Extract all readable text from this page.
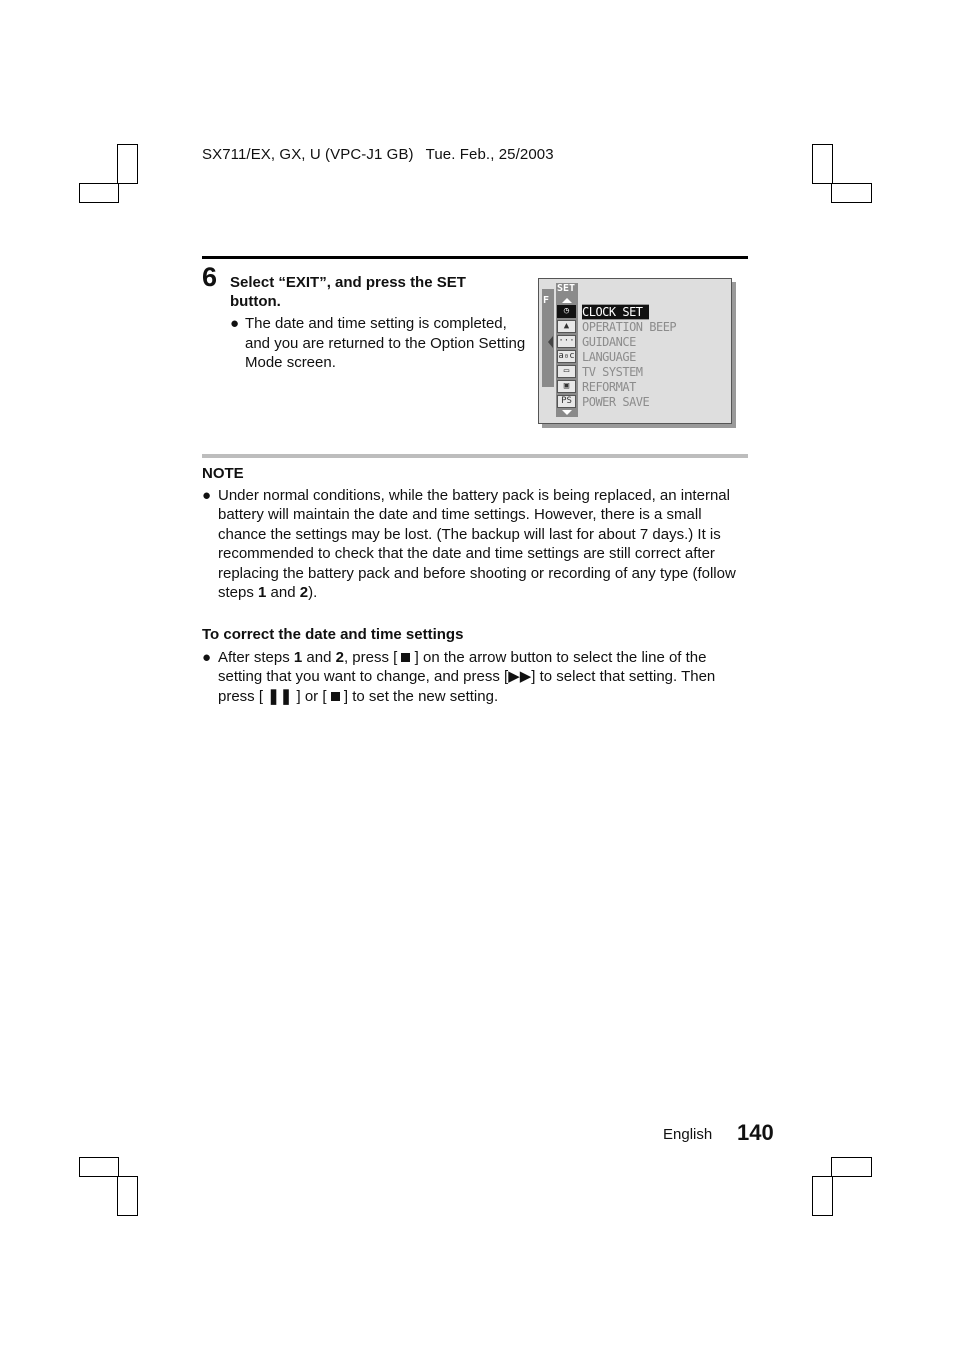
SX711/EX, GX, U (VPC-J1 GB) Tue. Feb., 25/2003
6 Select “EXIT”, and press the SET button.
● The date and time setting is completed, and you are returned to the Option Setting Mode screen.
F
SET
◷
▲
···
a₀c
▭
▣
PS
CLOCK SET
OPERATION BEEP
GUIDANCE
LANGUAGE
TV SYSTEM
REFORMAT
POWER SAVE
NOTE
● Under normal conditions, while the battery pack is being replaced, an internal battery will maintain the date and time settings. However, there is a small chance the settings may be lost. (The backup will last for about 7 days.) It is recommended to check that the date and time settings are still correct after replacing the battery pack and before shooting or recording of any type (follow steps 1 and 2).
To correct the date and time settings
● After steps 1 and 2, press [ ] on the arrow button to select the line of the setting that you want to change, and press [▶▶] to select that setting. Then press [ ❚❚ ] or [ ] to set the new setting.
English 140
